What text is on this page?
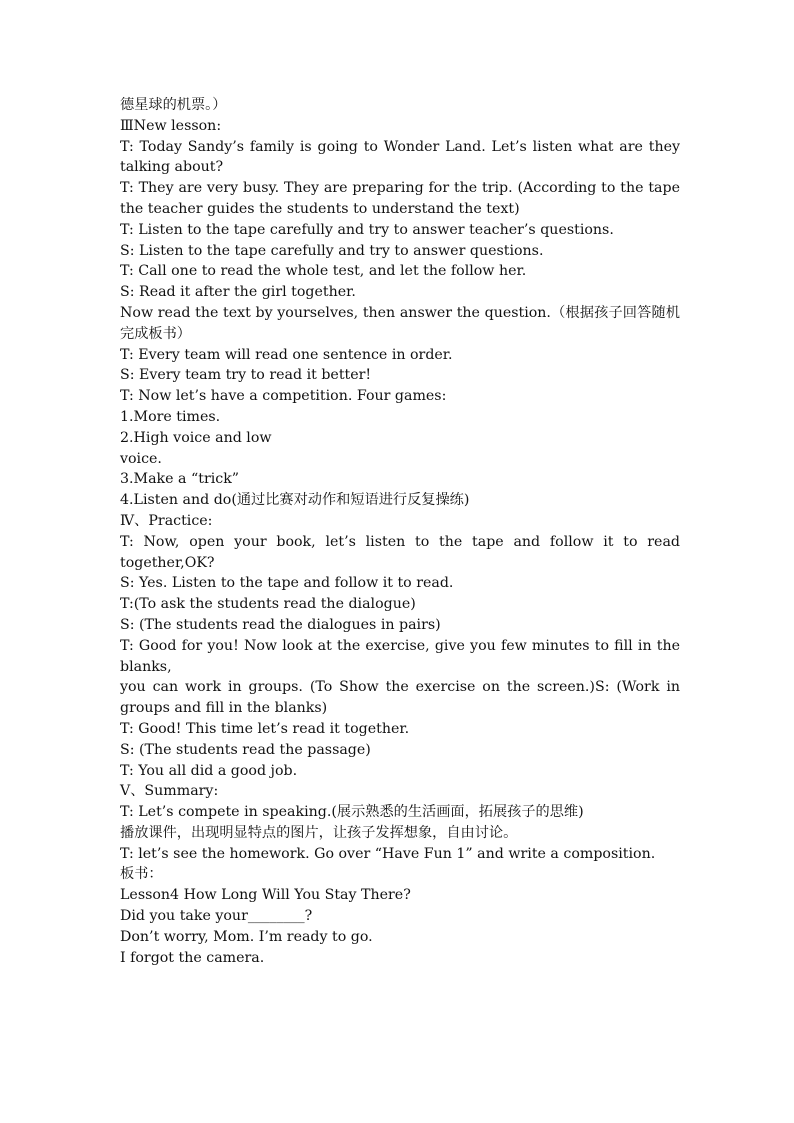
德星球的机票。）

ⅢNew lesson:

T: Today Sandy’s family is going to Wonder Land. Let’s listen what are they talking about?

T: They are very busy. They are preparing for the trip. (According to the tape the teacher guides the students to understand the text)

T: Listen to the tape carefully and try to answer teacher’s questions.

S: Listen to the tape carefully and try to answer questions.

T: Call one to read the whole test, and let the follow her.

S: Read it after the girl together.

Now read the text by yourselves, then answer the question.（根据孩子回答随机完成板书）

T: Every team will read one sentence in order.

S: Every team try to read it better!

T: Now let’s have a competition. Four games:

1.More times.

2.High voice and low

voice.

3.Make a “trick”

4.Listen and do(通过比赛对动作和短语进行反复操练)

Ⅳ、Practice:

T: Now, open your book, let’s listen to the tape and follow it to read together,OK?

S: Yes. Listen to the tape and follow it to read.

T:(To ask the students read the dialogue)

S: (The students read the dialogues in pairs)

T: Good for you! Now look at the exercise, give you few minutes to fill in the blanks,

you can work in groups. (To Show the exercise on the screen.)S: (Work in groups and fill in the blanks)

T: Good! This time let’s read it together.

S: (The students read the passage)

T: You all did a good job.

Ⅴ、Summary:

T: Let’s compete in speaking.(展示熟悉的生活画面，拓展孩子的思维)

播放课件，出现明显特点的图片，让孩子发挥想象，自由讨论。

T: let’s see the homework. Go over “Have Fun 1” and write a composition.

板书：

Lesson4 How Long Will You Stay There?

Did you take your________?

Don’t worry, Mom. I’m ready to go.

I forgot the camera.
